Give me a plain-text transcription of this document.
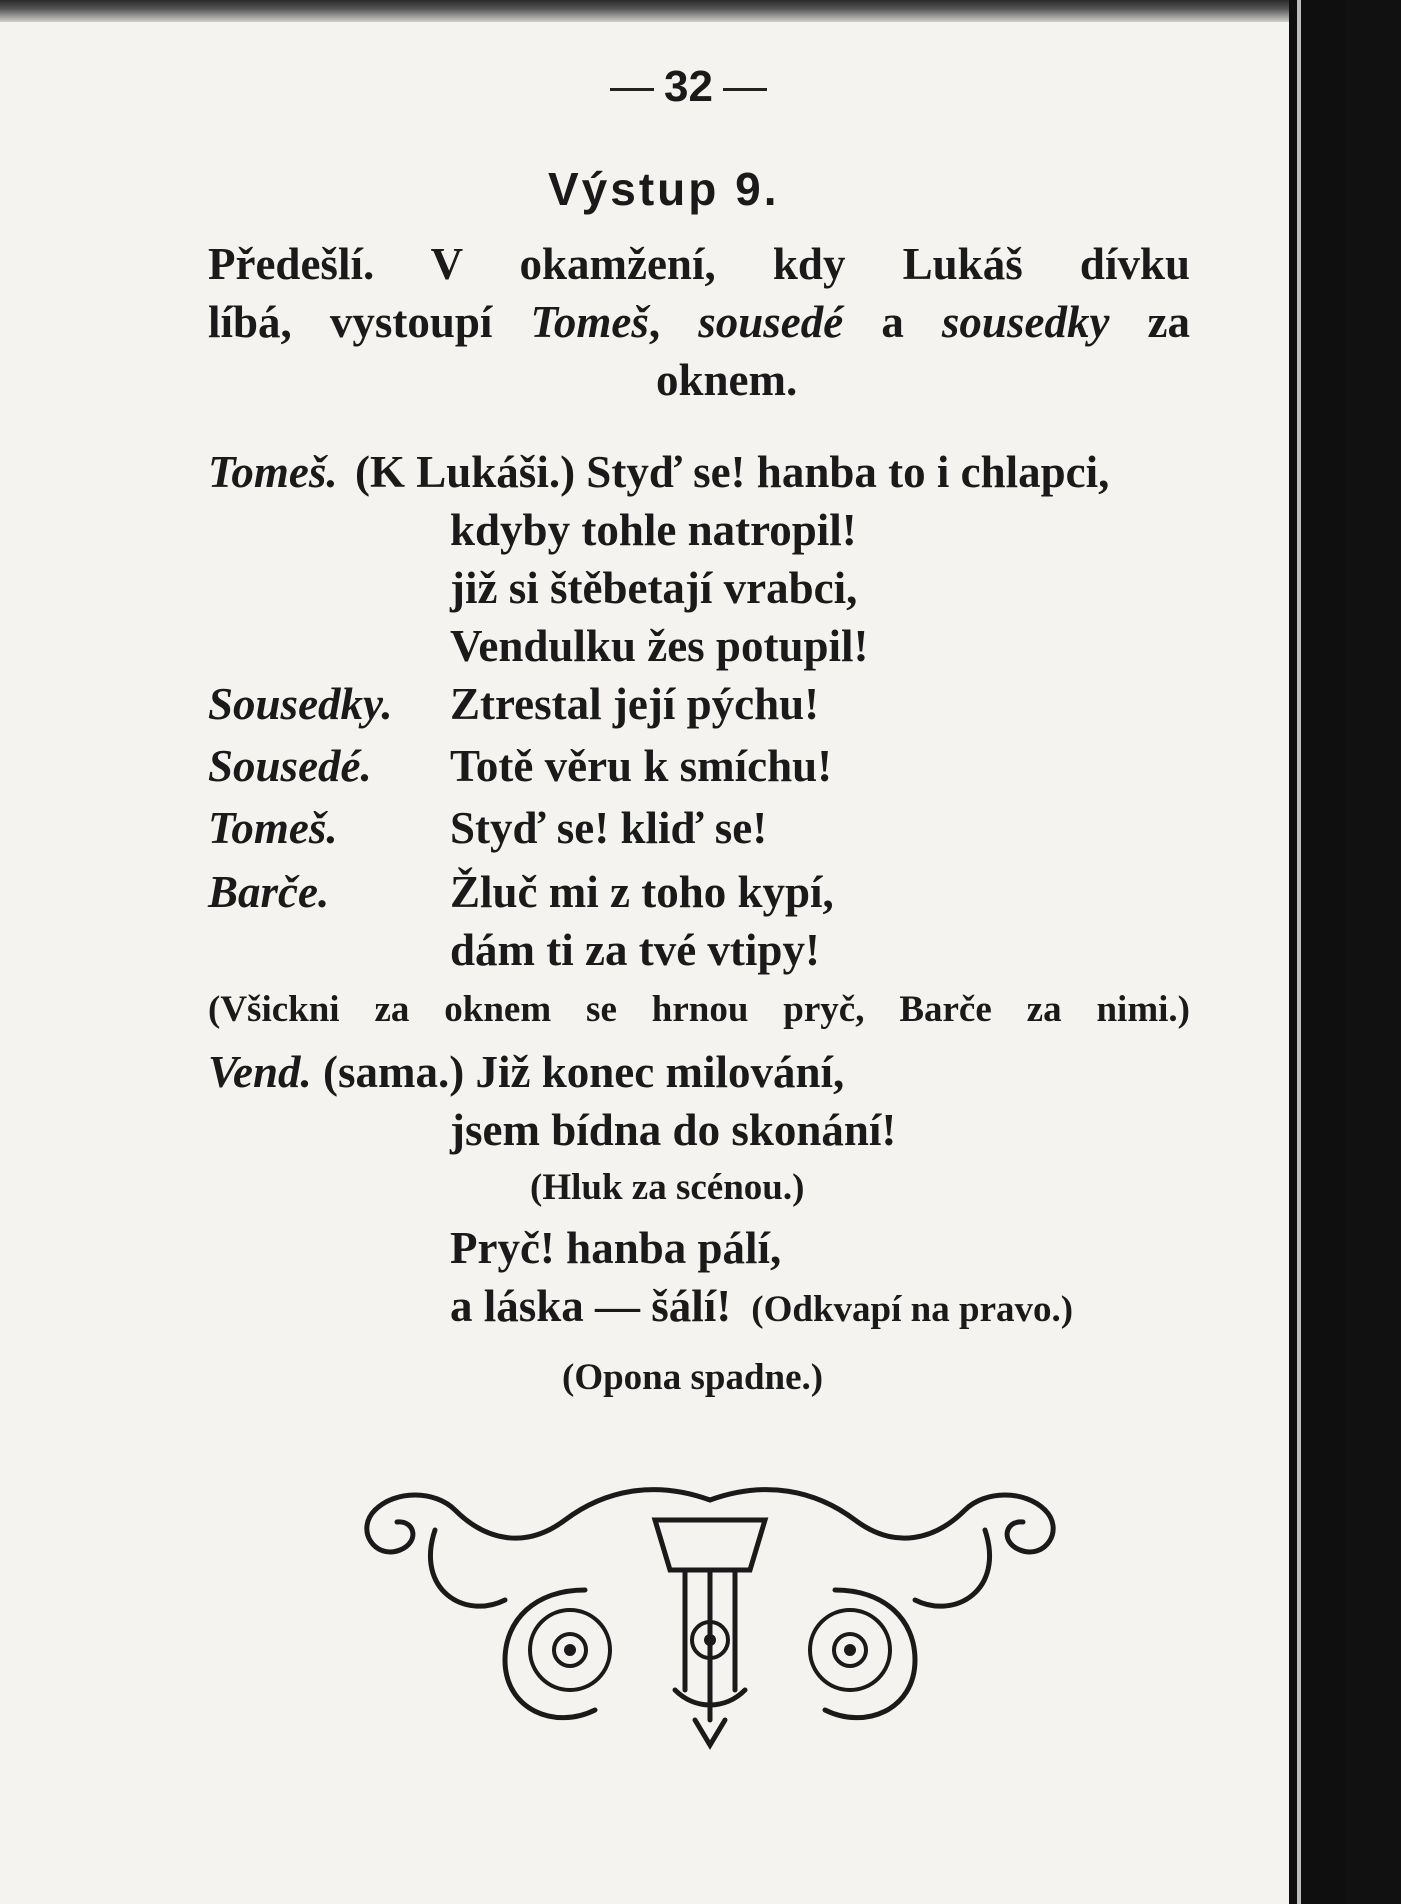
32
Výstup 9.
Předešlí. V okamžení, kdy Lukáš dívku
líbá, vystoupí Tomeš, sousedé a sousedky za
oknem.
Tomeš. (K Lukáši.) Styď se! hanba to i chlapci,
kdyby tohle natropil!
již si štěbetají vrabci,
Vendulku žes potupil!
Sousedky. Ztrestal její pýchu!
Sousedé. Totě věru k smíchu!
Tomeš. Styď se! kliď se!
Barče.	Žluč mi z toho kypí,
dám ti za tvé vtipy!
(Všickni za oknem se hrnou pryč, Barče za nimi.)
Vend. (sama.) Již konec milování,
jsem bídna do skonání!
(Hluk za scénou.)
Pryč! hanba pálí,
a láska — šálí! (Odkvapí na pravo.)
(Opona spadne.)
